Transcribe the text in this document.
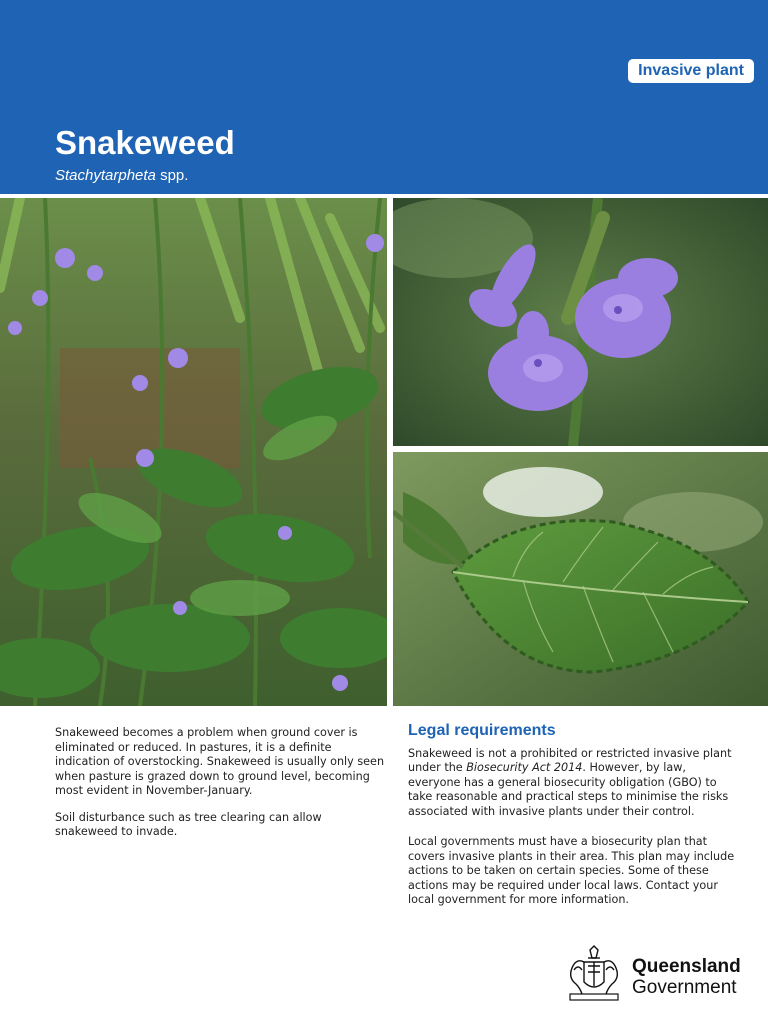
Invasive plant
Snakeweed
Stachytarpheta spp.

Snakeweed becomes a problem when ground cover is eliminated or reduced. In pastures, it is a definite indication of overstocking. Snakeweed is usually only seen when pasture is grazed down to ground level, becoming most evident in November-January.

Soil disturbance such as tree clearing can allow snakeweed to invade.

Legal requirements

Snakeweed is not a prohibited or restricted invasive plant under the Biosecurity Act 2014. However, by law, everyone has a general biosecurity obligation (GBO) to take reasonable and practical steps to minimise the risks associated with invasive plants under their control.

Local governments must have a biosecurity plan that covers invasive plants in their area. This plan may include actions to be taken on certain species. Some of these actions may be required under local laws. Contact your local government for more information.

Queensland
Government
